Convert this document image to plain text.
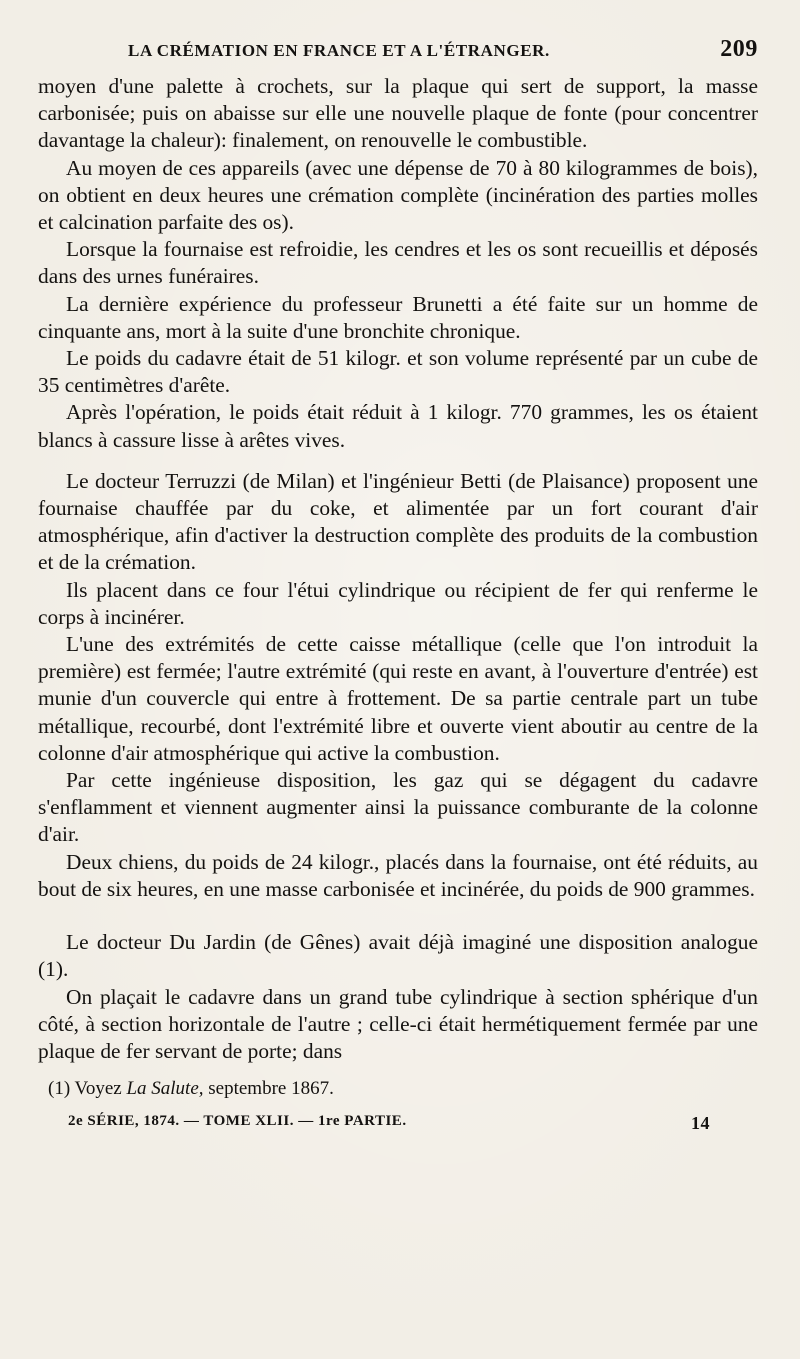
LA CRÉMATION EN FRANCE ET A L'ÉTRANGER.	209

moyen d'une palette à crochets, sur la plaque qui sert de support, la masse carbonisée; puis on abaisse sur elle une nouvelle plaque de fonte (pour concentrer davantage la chaleur): finalement, on renouvelle le combustible.

Au moyen de ces appareils (avec une dépense de 70 à 80 kilogrammes de bois), on obtient en deux heures une crémation complète (incinération des parties molles et calcination parfaite des os).

Lorsque la fournaise est refroidie, les cendres et les os sont recueillis et déposés dans des urnes funéraires.

La dernière expérience du professeur Brunetti a été faite sur un homme de cinquante ans, mort à la suite d'une bronchite chronique.

Le poids du cadavre était de 51 kilogr. et son volume représenté par un cube de 35 centimètres d'arête.

Après l'opération, le poids était réduit à 1 kilogr. 770 grammes, les os étaient blancs à cassure lisse à arêtes vives.

Le docteur Terruzzi (de Milan) et l'ingénieur Betti (de Plaisance) proposent une fournaise chauffée par du coke, et alimentée par un fort courant d'air atmosphérique, afin d'activer la destruction complète des produits de la combustion et de la crémation.

Ils placent dans ce four l'étui cylindrique ou récipient de fer qui renferme le corps à incinérer.

L'une des extrémités de cette caisse métallique (celle que l'on introduit la première) est fermée; l'autre extrémité (qui reste en avant, à l'ouverture d'entrée) est munie d'un couvercle qui entre à frottement. De sa partie centrale part un tube métallique, recourbé, dont l'extrémité libre et ouverte vient aboutir au centre de la colonne d'air atmosphérique qui active la combustion.

Par cette ingénieuse disposition, les gaz qui se dégagent du cadavre s'enflamment et viennent augmenter ainsi la puissance comburante de la colonne d'air.

Deux chiens, du poids de 24 kilogr., placés dans la fournaise, ont été réduits, au bout de six heures, en une masse carbonisée et incinérée, du poids de 900 grammes.

Le docteur Du Jardin (de Gênes) avait déjà imaginé une disposition analogue (1).

On plaçait le cadavre dans un grand tube cylindrique à section sphérique d'un côté, à section horizontale de l'autre ; celle-ci était hermétiquement fermée par une plaque de fer servant de porte; dans

(1) Voyez La Salute, septembre 1867.
2e SÉRIE, 1874. — TOME XLII. — 1re PARTIE.	14
